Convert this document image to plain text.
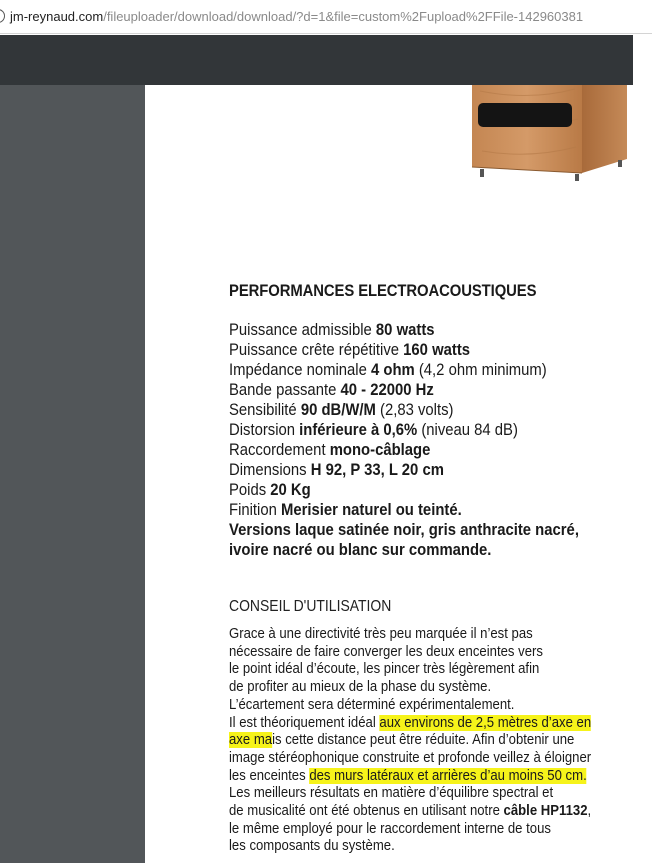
jm-reynaud.com/fileuploader/download/download/?d=1&file=custom%2Fupload%2FFile-142960381
PERFORMANCES ELECTROACOUSTIQUES
Puissance admissible 80 watts
Puissance crête répétitive 160 watts
Impédance nominale 4 ohm (4,2 ohm minimum)
Bande passante 40 - 22000 Hz
Sensibilité 90 dB/W/M (2,83 volts)
Distorsion inférieure à 0,6% (niveau 84 dB)
Raccordement mono-câblage
Dimensions H 92, P 33, L 20 cm
Poids 20 Kg
Finition Merisier naturel ou teinté.
Versions laque satinée noir, gris anthracite nacré,
ivoire nacré ou blanc sur commande.
CONSEIL D'UTILISATION
Grace à une directivité très peu marquée il n’est pas
nécessaire de faire converger les deux enceintes vers
le point idéal d’écoute, les pincer très légèrement afin
de profiter au mieux de la phase du système.
L’écartement sera déterminé expérimentalement.
Il est théoriquement idéal aux environs de 2,5 mètres d’axe en
axe mais cette distance peut être réduite. Afin d’obtenir une
image stéréophonique construite et profonde veillez à éloigner
les enceintes des murs latéraux et arrières d’au moins 50 cm.
Les meilleurs résultats en matière d’équilibre spectral et
de musicalité ont été obtenus en utilisant notre câble HP1132,
le même employé pour le raccordement interne de tous
les composants du système.
